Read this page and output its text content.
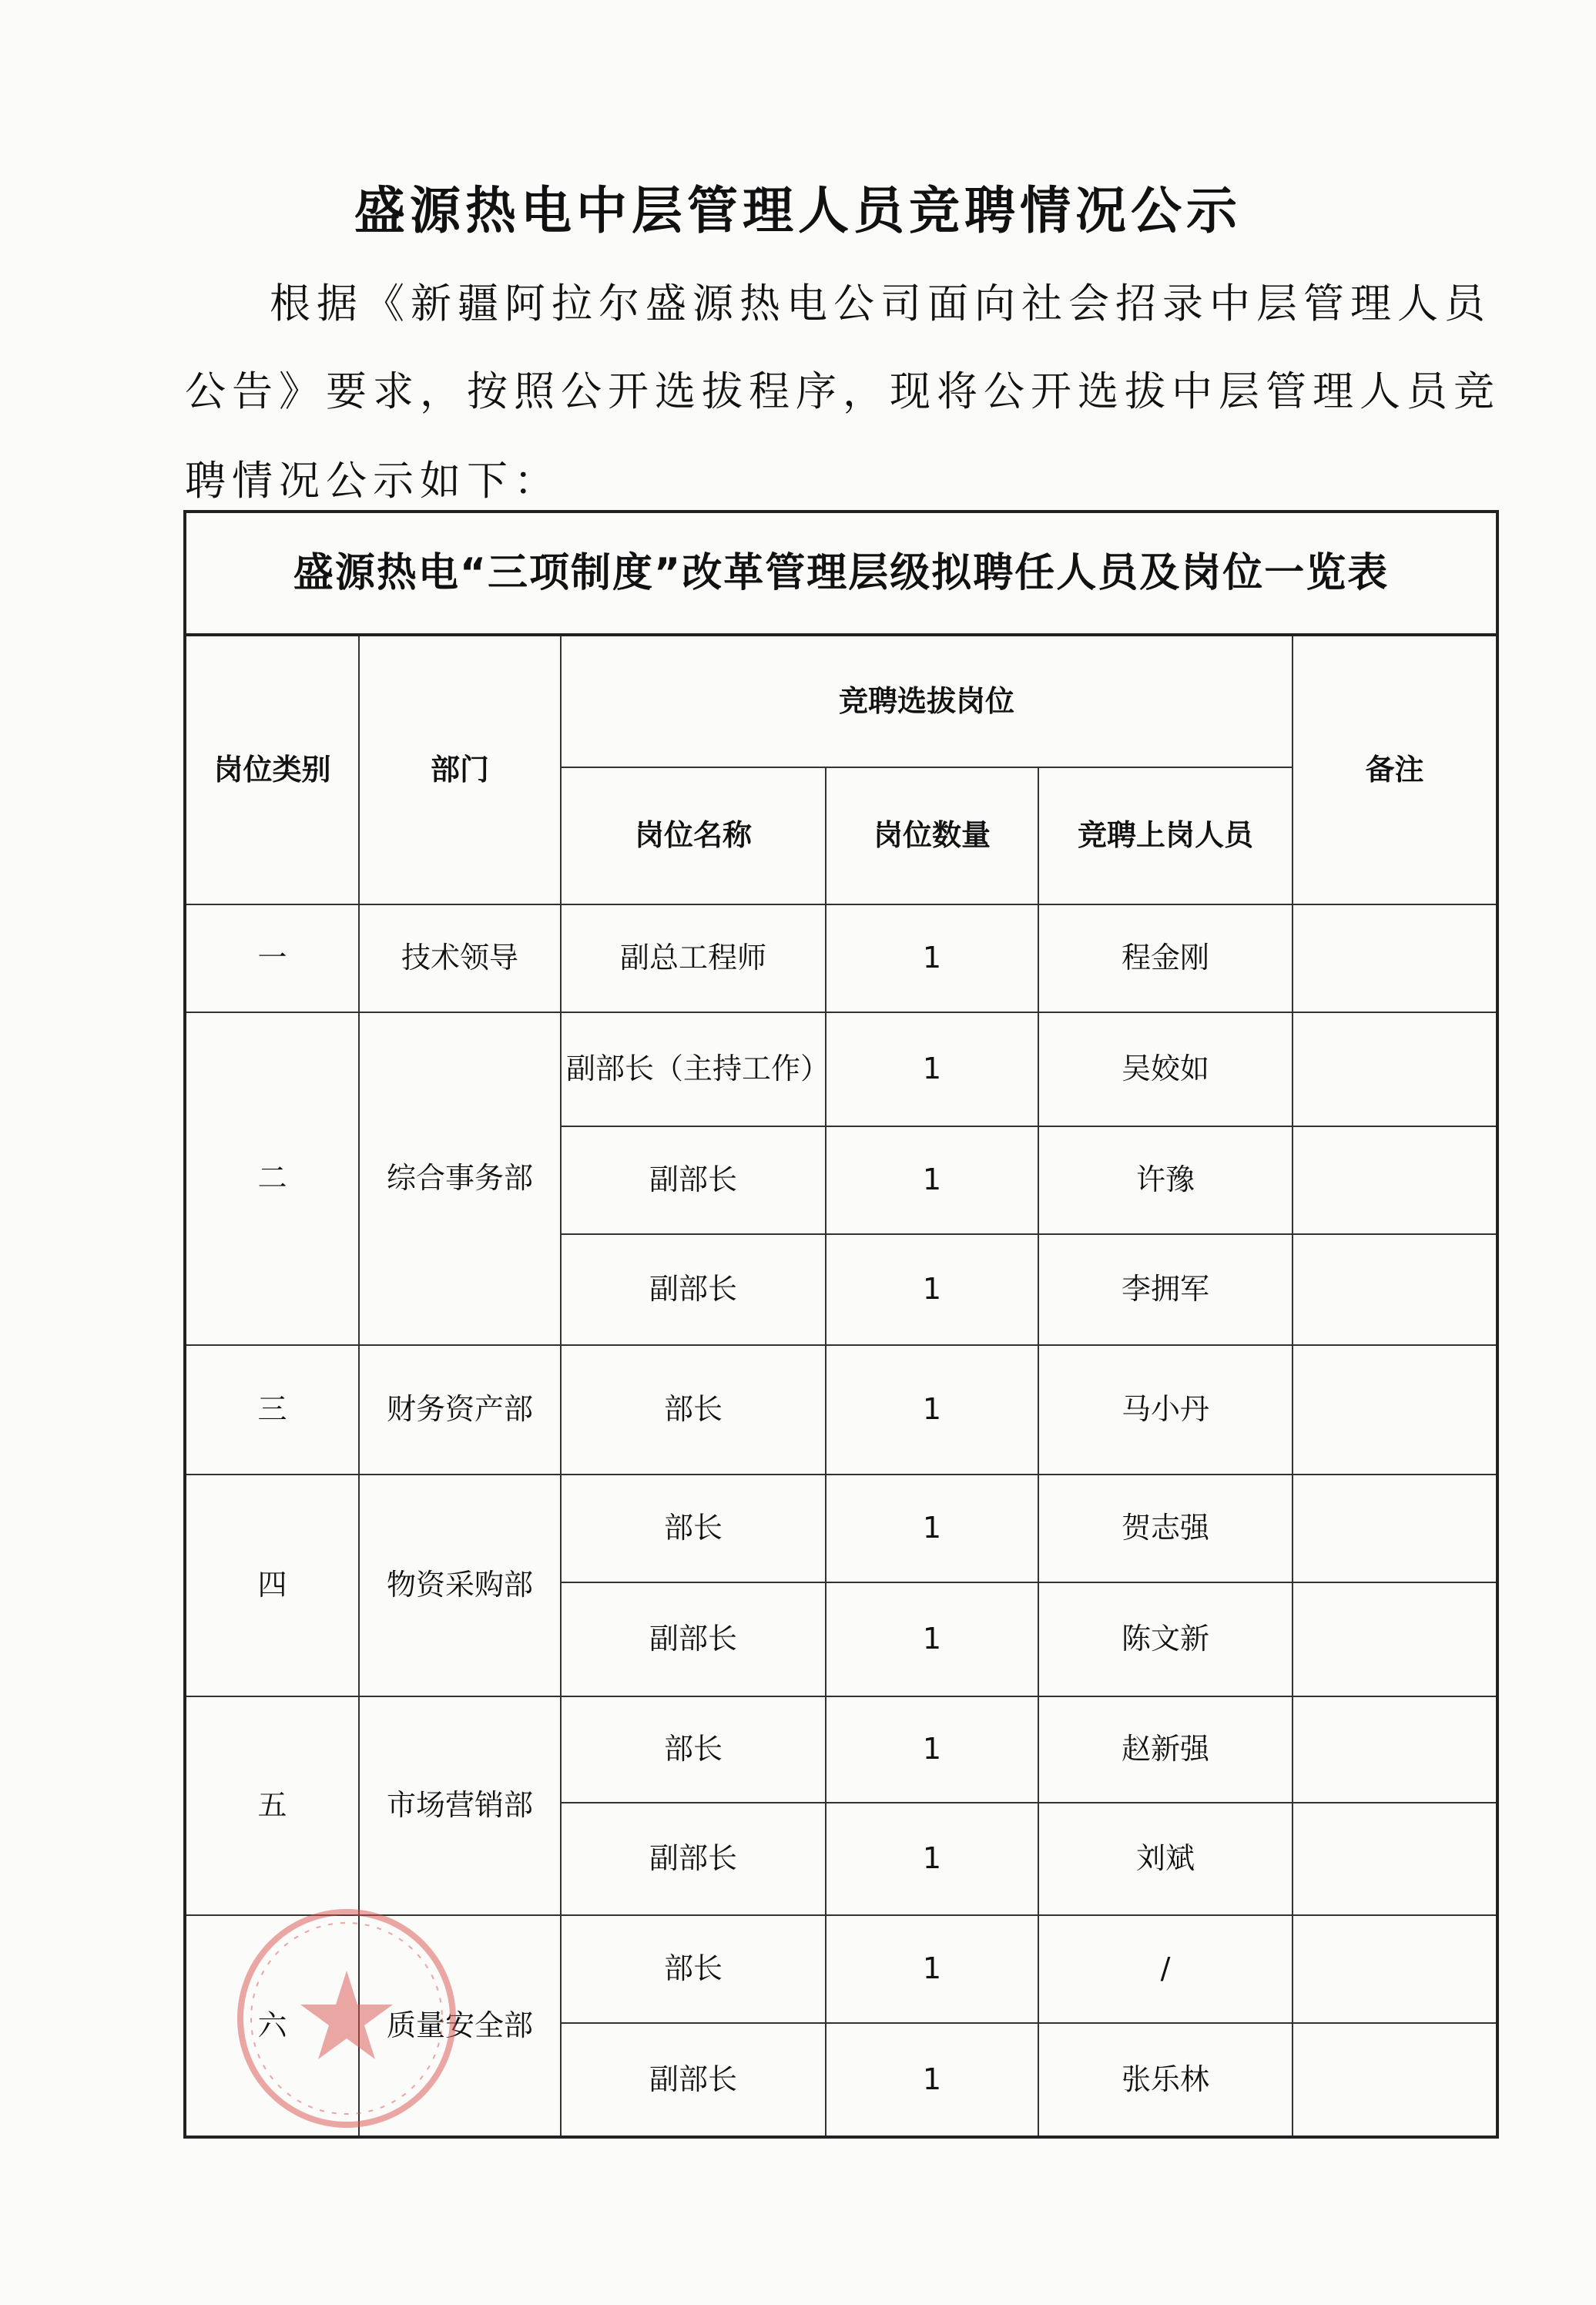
盛源热电中层管理人员竞聘情况公示
根据《新疆阿拉尔盛源热电公司面向社会招录中层管理人员
公告》要求，按照公开选拔程序，现将公开选拔中层管理人员竞
聘情况公示如下：
盛源热电“三项制度”改革管理层级拟聘任人员及岗位一览表					
岗位类别	部门	竞聘选拔岗位			备注
		岗位名称	岗位数量	竞聘上岗人员	
一	技术领导	副总工程师	1	程金刚	
二	综合事务部	副部长（主持工作）	1	吴姣如	
		副部长	1	许豫	
		副部长	1	李拥军	
三	财务资产部	部长	1	马小丹	
四	物资采购部	部长	1	贺志强	
		副部长	1	陈文新	
五	市场营销部	部长	1	赵新强	
		副部长	1	刘斌	
六	质量安全部	部长	1	/	
		副部长	1	张乐林	
